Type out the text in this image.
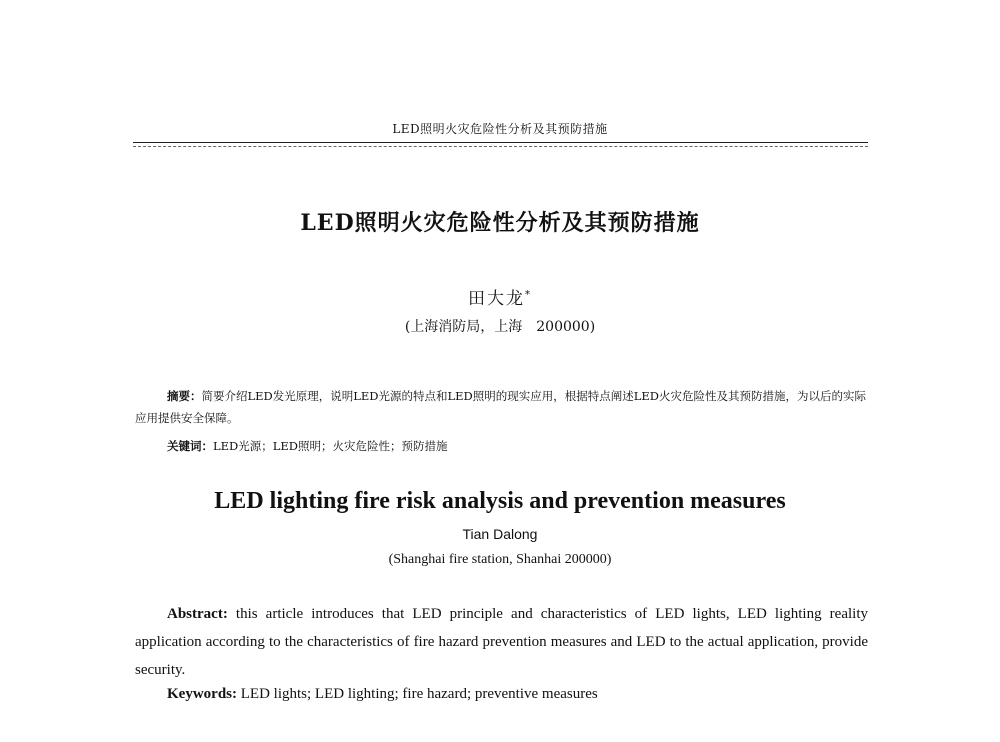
LED照明火灾危险性分析及其预防措施
LED照明火灾危险性分析及其预防措施
田大龙*
(上海消防局，上海　200000)
摘要：简要介绍LED发光原理，说明LED光源的特点和LED照明的现实应用，根据特点阐述LED火灾危险性及其预防措施，为以后的实际应用提供安全保障。
关键词：LED光源；LED照明；火灾危险性；预防措施
LED lighting fire risk analysis and prevention measures
Tian Dalong
(Shanghai fire station, Shanhai 200000)
Abstract: this article introduces that LED principle and characteristics of LED lights, LED lighting reality application according to the characteristics of fire hazard prevention measures and LED to the actual application, provide security.
Keywords: LED lights; LED lighting; fire hazard; preventive measures
